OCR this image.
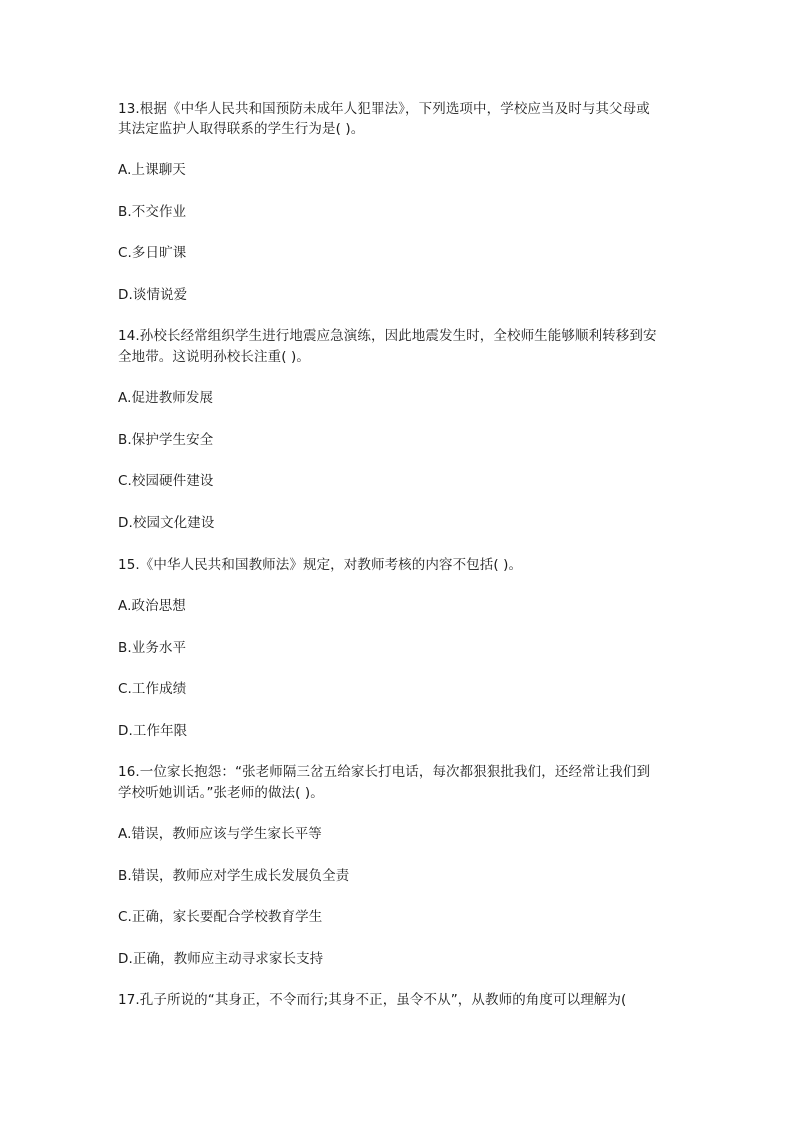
13.根据《中华人民共和国预防未成年人犯罪法》，下列选项中，学校应当及时与其父母或
其法定监护人取得联系的学生行为是( )。
A.上课聊天
B.不交作业
C.多日旷课
D.谈情说爱
14.孙校长经常组织学生进行地震应急演练，因此地震发生时，全校师生能够顺利转移到安
全地带。这说明孙校长注重( )。
A.促进教师发展
B.保护学生安全
C.校园硬件建设
D.校园文化建设
15.《中华人民共和国教师法》规定，对教师考核的内容不包括( )。
A.政治思想
B.业务水平
C.工作成绩
D.工作年限
16.一位家长抱怨：“张老师隔三岔五给家长打电话，每次都狠狠批我们，还经常让我们到
学校听她训话。”张老师的做法( )。
A.错误，教师应该与学生家长平等
B.错误，教师应对学生成长发展负全责
C.正确，家长要配合学校教育学生
D.正确，教师应主动寻求家长支持
17.孔子所说的“其身正，不令而行;其身不正，虽令不从”，从教师的角度可以理解为(
